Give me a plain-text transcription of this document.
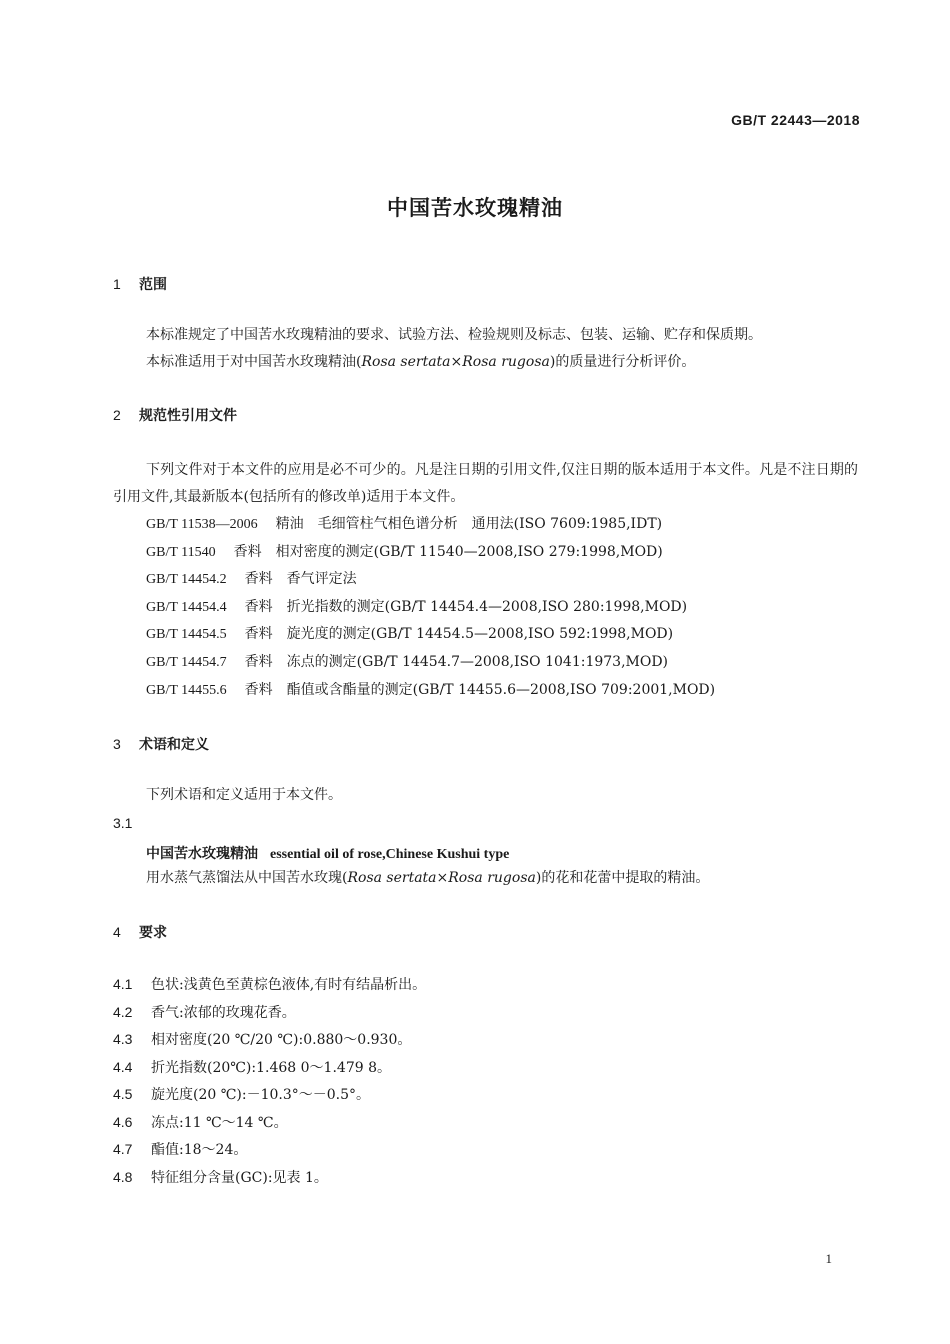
GB/T 22443—2018
中国苦水玫瑰精油
1 范围
本标准规定了中国苦水玫瑰精油的要求、试验方法、检验规则及标志、包装、运输、贮存和保质期。
本标准适用于对中国苦水玫瑰精油(Rosa sertata×Rosa rugosa)的质量进行分析评价。
2 规范性引用文件
下列文件对于本文件的应用是必不可少的。凡是注日期的引用文件,仅注日期的版本适用于本文件。凡是不注日期的引用文件,其最新版本(包括所有的修改单)适用于本文件。
GB/T 11538—2006 精油　毛细管柱气相色谱分析　通用法(ISO 7609:1985,IDT)
GB/T 11540 香料　相对密度的测定(GB/T 11540—2008,ISO 279:1998,MOD)
GB/T 14454.2 香料　香气评定法
GB/T 14454.4 香料　折光指数的测定(GB/T 14454.4—2008,ISO 280:1998,MOD)
GB/T 14454.5 香料　旋光度的测定(GB/T 14454.5—2008,ISO 592:1998,MOD)
GB/T 14454.7 香料　冻点的测定(GB/T 14454.7—2008,ISO 1041:1973,MOD)
GB/T 14455.6 香料　酯值或含酯量的测定(GB/T 14455.6—2008,ISO 709:2001,MOD)
3 术语和定义
下列术语和定义适用于本文件。
3.1
中国苦水玫瑰精油 essential oil of rose,Chinese Kushui type
用水蒸气蒸馏法从中国苦水玫瑰(Rosa sertata×Rosa rugosa)的花和花蕾中提取的精油。
4 要求
4.1 色状:浅黄色至黄棕色液体,有时有结晶析出。
4.2 香气:浓郁的玫瑰花香。
4.3 相对密度(20 ℃/20 ℃):0.880～0.930。
4.4 折光指数(20℃):1.468 0～1.479 8。
4.5 旋光度(20 ℃):－10.3°～－0.5°。
4.6 冻点:11 ℃～14 ℃。
4.7 酯值:18～24。
4.8 特征组分含量(GC):见表 1。
1
